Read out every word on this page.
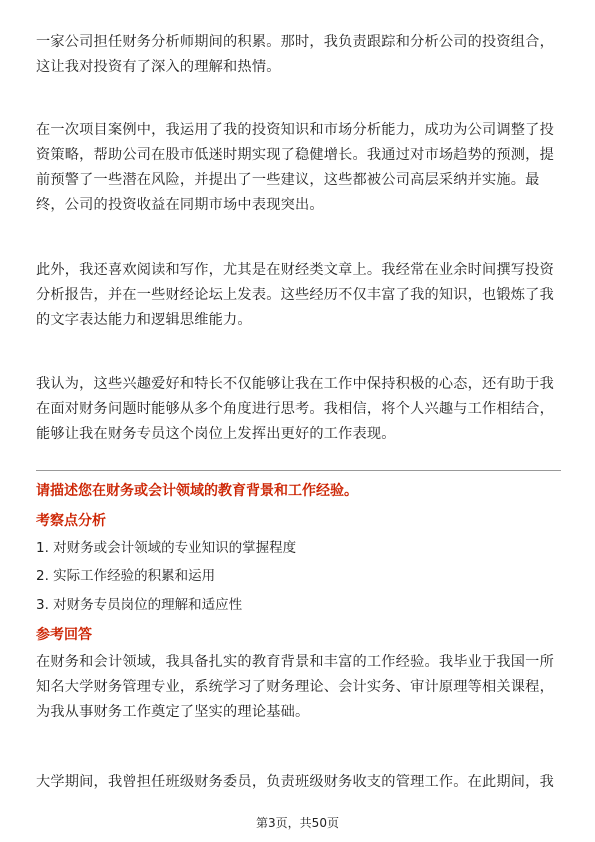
一家公司担任财务分析师期间的积累。那时，我负责跟踪和分析公司的投资组合，这让我对投资有了深入的理解和热情。

在一次项目案例中，我运用了我的投资知识和市场分析能力，成功为公司调整了投资策略，帮助公司在股市低迷时期实现了稳健增长。我通过对市场趋势的预测，提前预警了一些潜在风险，并提出了一些建议，这些都被公司高层采纳并实施。最终，公司的投资收益在同期市场中表现突出。

此外，我还喜欢阅读和写作，尤其是在财经类文章上。我经常在业余时间撰写投资分析报告，并在一些财经论坛上发表。这些经历不仅丰富了我的知识，也锻炼了我的文字表达能力和逻辑思维能力。

我认为，这些兴趣爱好和特长不仅能够让我在工作中保持积极的心态，还有助于我在面对财务问题时能够从多个角度进行思考。我相信，将个人兴趣与工作相结合，能够让我在财务专员这个岗位上发挥出更好的工作表现。

请描述您在财务或会计领域的教育背景和工作经验。
考察点分析
1. 对财务或会计领域的专业知识的掌握程度
2. 实际工作经验的积累和运用
3. 对财务专员岗位的理解和适应性
参考回答

在财务和会计领域，我具备扎实的教育背景和丰富的工作经验。我毕业于我国一所知名大学财务管理专业，系统学习了财务理论、会计实务、审计原理等相关课程，为我从事财务工作奠定了坚实的理论基础。

大学期间，我曾担任班级财务委员，负责班级财务收支的管理工作。在此期间，我

第3页，共50页
